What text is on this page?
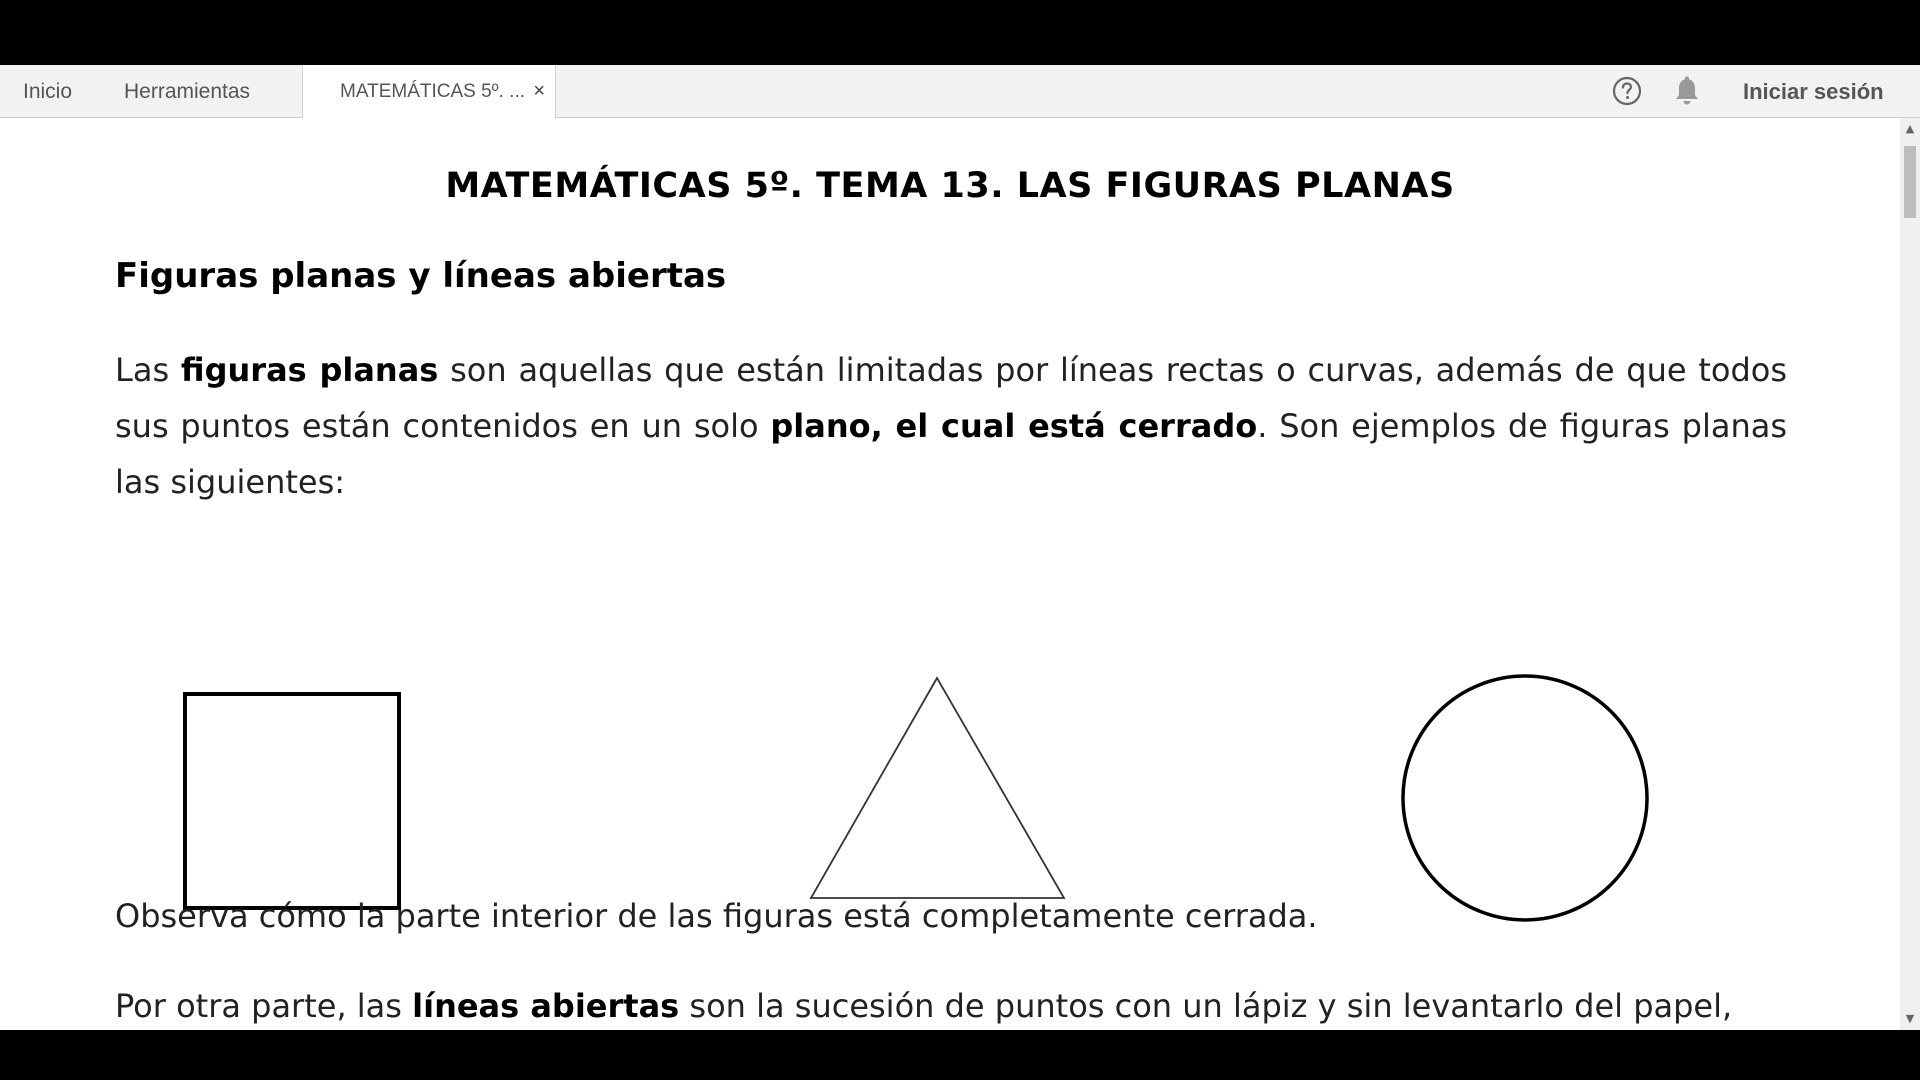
Inicio Herramientas	MATEMÁTICAS 5º. ... ×	Iniciar sesión
MATEMÁTICAS 5º. TEMA 13. LAS FIGURAS PLANAS
Figuras planas y líneas abiertas

Las figuras planas son aquellas que están limitadas por líneas rectas o curvas, además de que todos sus puntos están contenidos en un solo plano, el cual está cerrado. Son ejemplos de figuras planas las siguientes:

Observa cómo la parte interior de las figuras está completamente cerrada.

Por otra parte, las líneas abiertas son la sucesión de puntos con un lápiz y sin levantarlo del papel,

▲
▼
